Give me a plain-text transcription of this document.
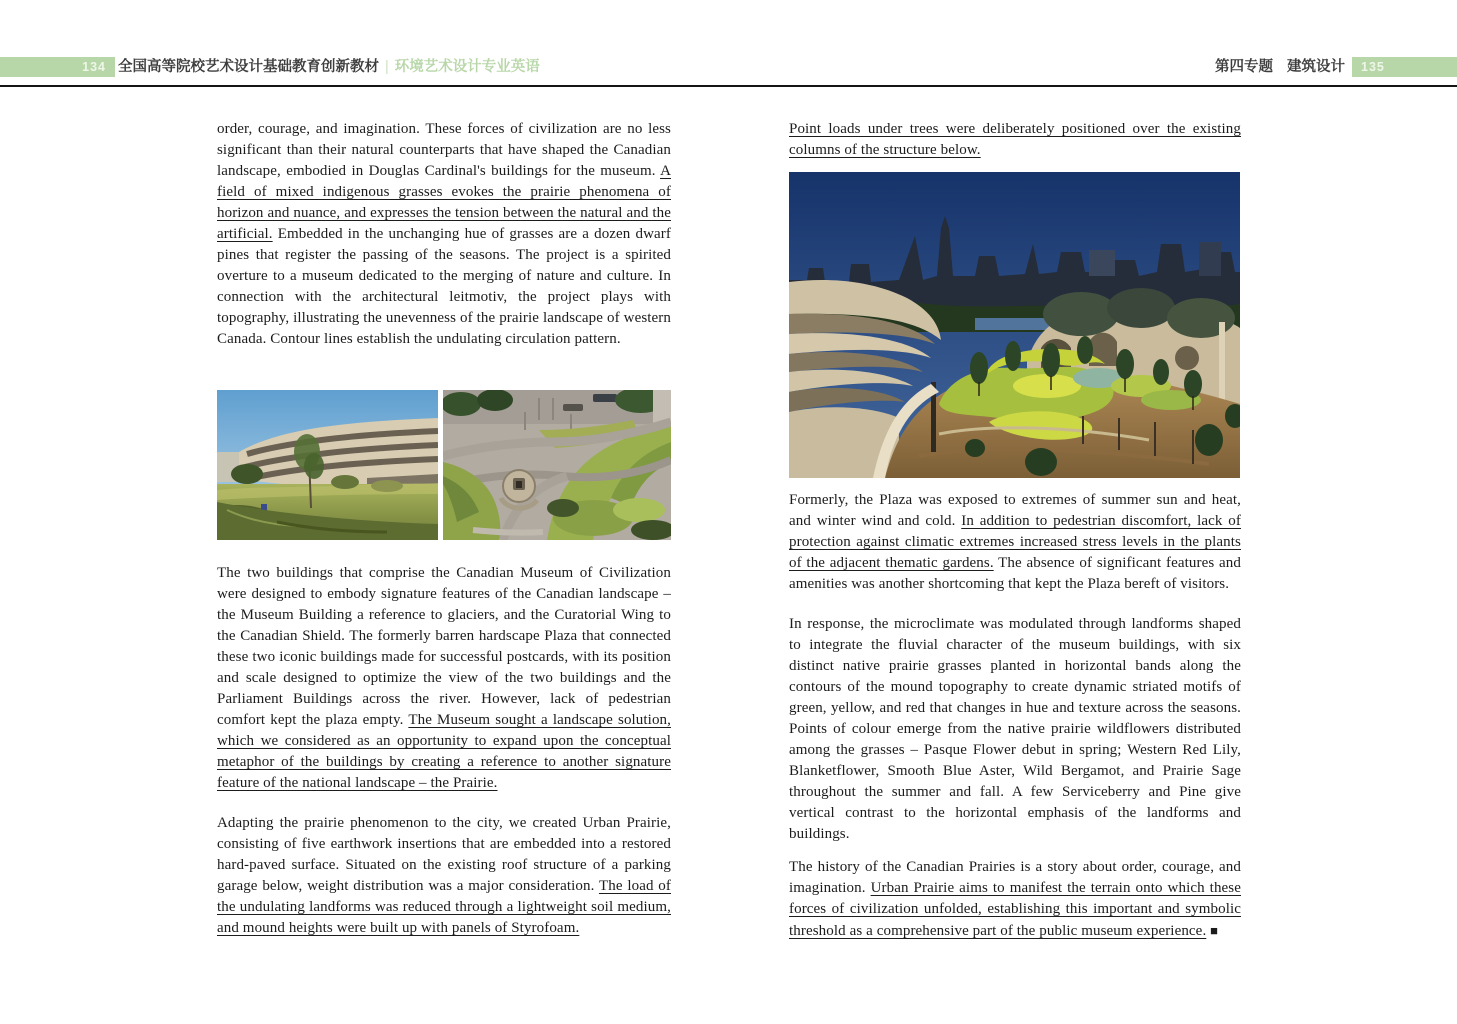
134 全国高等院校艺术设计基础教育创新教材 | 环境艺术设计专业英语	第四专题 建筑设计 135

order, courage, and imagination. These forces of civilization are no less significant than their natural counterparts that have shaped the Canadian landscape, embodied in Douglas Cardinal's buildings for the museum. A field of mixed indigenous grasses evokes the prairie phenomena of horizon and nuance, and expresses the tension between the natural and the artificial. Embedded in the unchanging hue of grasses are a dozen dwarf pines that register the passing of the seasons. The project is a spirited overture to a museum dedicated to the merging of nature and culture. In connection with the architectural leitmotiv, the project plays with topography, illustrating the unevenness of the prairie landscape of western Canada. Contour lines establish the undulating circulation pattern.

The two buildings that comprise the Canadian Museum of Civilization were designed to embody signature features of the Canadian landscape – the Museum Building a reference to glaciers, and the Curatorial Wing to the Canadian Shield. The formerly barren hardscape Plaza that connected these two iconic buildings made for successful postcards, with its position and scale designed to optimize the view of the two buildings and the Parliament Buildings across the river. However, lack of pedestrian comfort kept the plaza empty. The Museum sought a landscape solution, which we considered as an opportunity to expand upon the conceptual metaphor of the buildings by creating a reference to another signature feature of the national landscape – the Prairie.

Adapting the prairie phenomenon to the city, we created Urban Prairie, consisting of five earthwork insertions that are embedded into a restored hard-paved surface. Situated on the existing roof structure of a parking garage below, weight distribution was a major consideration. The load of the undulating landforms was reduced through a lightweight soil medium, and mound heights were built up with panels of Styrofoam.

Point loads under trees were deliberately positioned over the existing columns of the structure below.

Formerly, the Plaza was exposed to extremes of summer sun and heat, and winter wind and cold. In addition to pedestrian discomfort, lack of protection against climatic extremes increased stress levels in the plants of the adjacent thematic gardens. The absence of significant features and amenities was another shortcoming that kept the Plaza bereft of visitors.

In response, the microclimate was modulated through landforms shaped to integrate the fluvial character of the museum buildings, with six distinct native prairie grasses planted in horizontal bands along the contours of the mound topography to create dynamic striated motifs of green, yellow, and red that changes in hue and texture across the seasons. Points of colour emerge from the native prairie wildflowers distributed among the grasses – Pasque Flower debut in spring; Western Red Lily, Blanketflower, Smooth Blue Aster, Wild Bergamot, and Prairie Sage throughout the summer and fall. A few Serviceberry and Pine give vertical contrast to the horizontal emphasis of the landforms and buildings.

The history of the Canadian Prairies is a story about order, courage, and imagination. Urban Prairie aims to manifest the terrain onto which these forces of civilization unfolded, establishing this important and symbolic threshold as a comprehensive part of the public museum experience. ■
